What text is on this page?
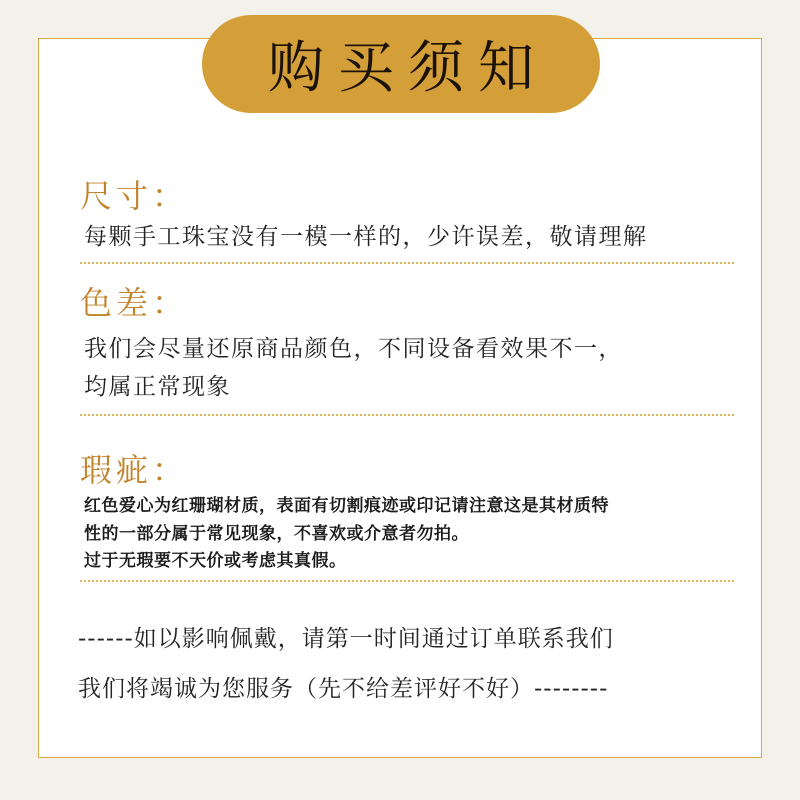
购买须知
尺寸：
每颗手工珠宝没有一模一样的，少许误差，敬请理解
色差：
我们会尽量还原商品颜色，不同设备看效果不一，
均属正常现象
瑕疵：
红色爱心为红珊瑚材质，表面有切割痕迹或印记请注意这是其材质特
性的一部分属于常见现象，不喜欢或介意者勿拍。
过于无瑕要不天价或考虑其真假。
------如以影响佩戴，请第一时间通过订单联系我们
我们将竭诚为您服务（先不给差评好不好）--------
